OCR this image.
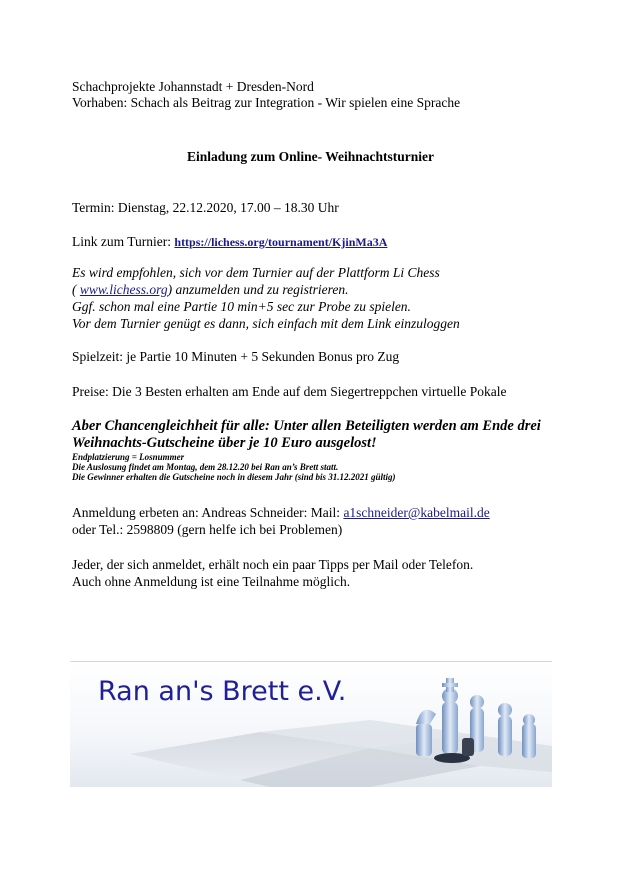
Schachprojekte Johannstadt + Dresden-Nord
Vorhaben: Schach als Beitrag zur Integration - Wir spielen eine Sprache
Einladung zum Online- Weihnachtsturnier
Termin: Dienstag, 22.12.2020, 17.00 – 18.30 Uhr
Link zum Turnier: https://lichess.org/tournament/KjinMa3A
Es wird empfohlen, sich vor dem Turnier auf der Plattform Li Chess
( www.lichess.org) anzumelden und zu registrieren.
Ggf. schon mal eine Partie 10 min+5 sec zur Probe zu spielen.
Vor dem Turnier genügt es dann, sich einfach mit dem Link einzuloggen
Spielzeit: je Partie 10 Minuten + 5 Sekunden Bonus pro Zug
Preise: Die 3 Besten erhalten am Ende auf dem Siegertreppchen virtuelle Pokale
Aber Chancengleichheit für alle: Unter allen Beteiligten werden am Ende drei
Weihnachts-Gutscheine über je 10 Euro ausgelost!
Endplatzierung = Losnummer
Die Auslosung findet am Montag, dem 28.12.20 bei Ran an’s Brett statt.
Die Gewinner erhalten die Gutscheine noch in diesem Jahr (sind bis 31.12.2021 gültig)
Anmeldung erbeten an: Andreas Schneider: Mail: a1schneider@kabelmail.de
oder Tel.: 2598809 (gern helfe ich bei Problemen)
Jeder, der sich anmeldet, erhält noch ein paar Tipps per Mail oder Telefon.
Auch ohne Anmeldung ist eine Teilnahme möglich.
Ran an's Brett e.V.
